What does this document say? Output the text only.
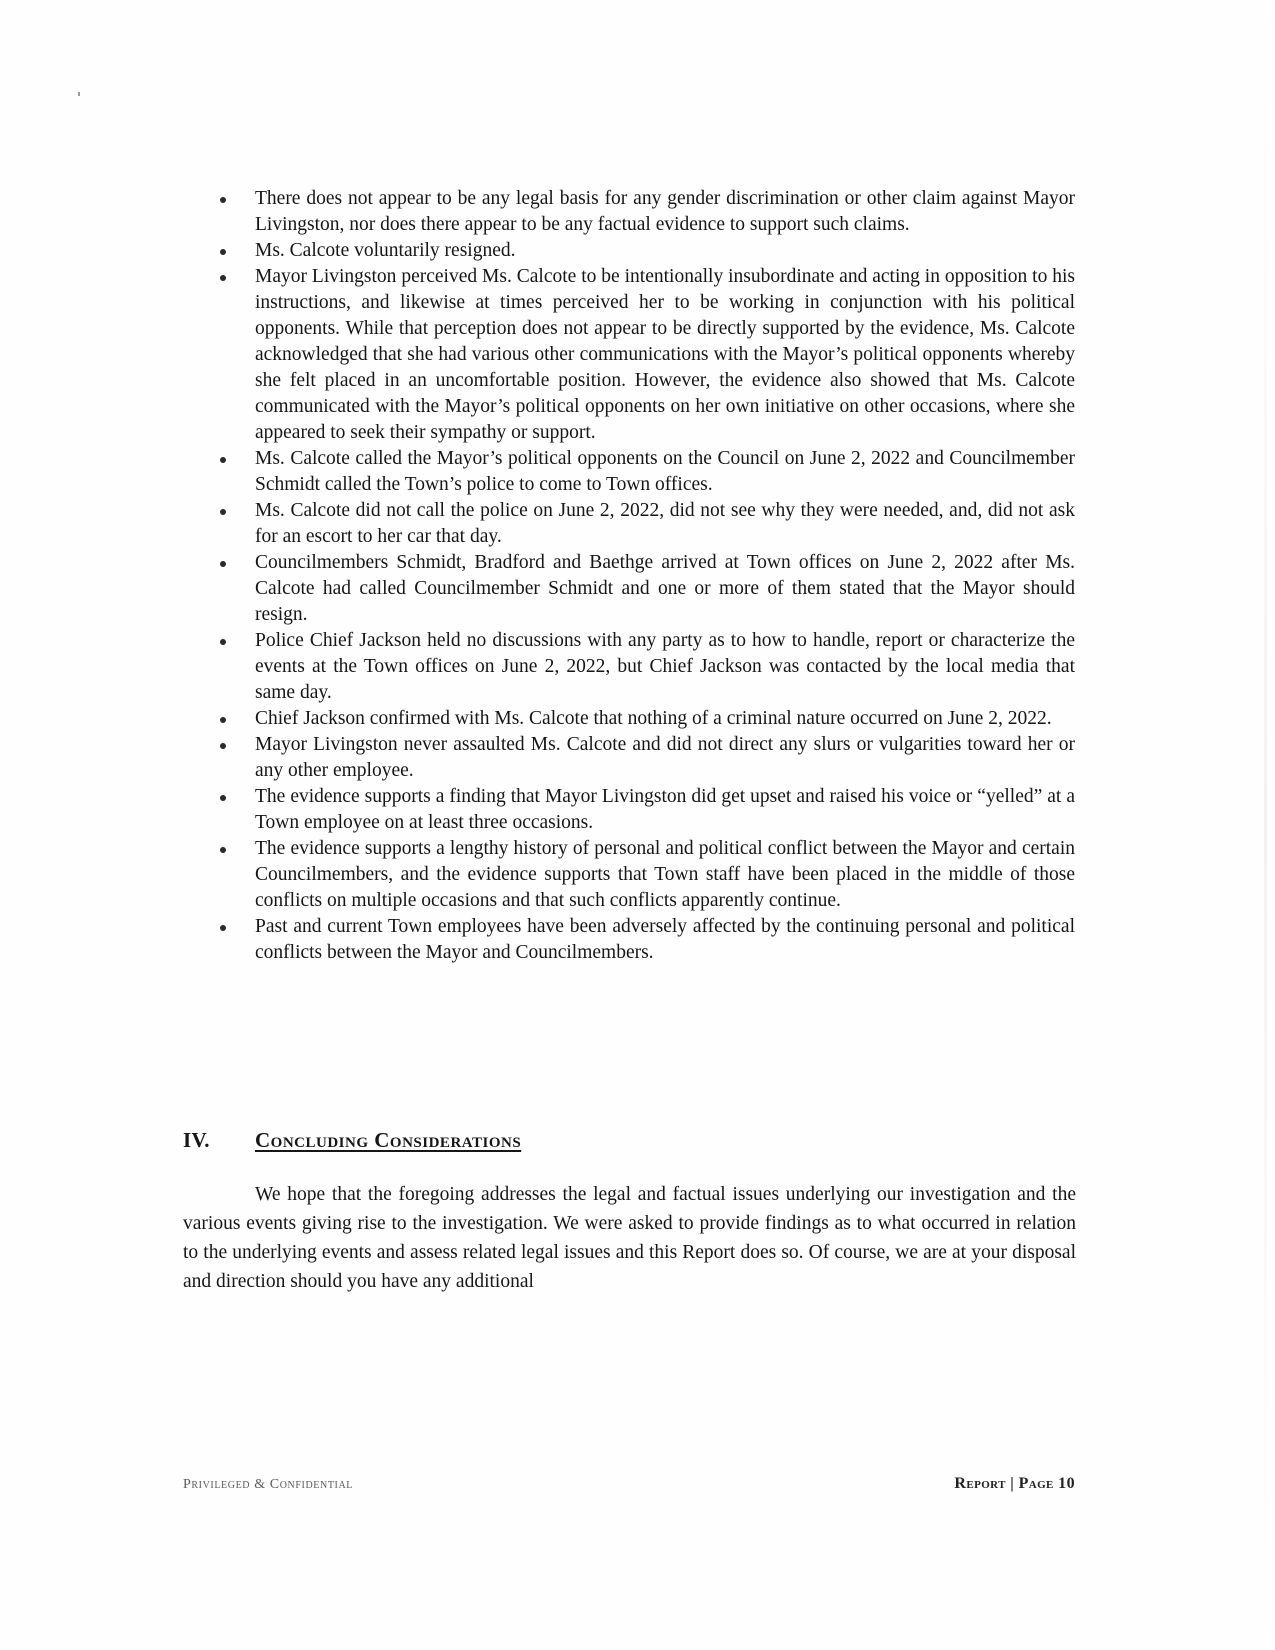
There does not appear to be any legal basis for any gender discrimination or other claim against Mayor Livingston, nor does there appear to be any factual evidence to support such claims.
Ms. Calcote voluntarily resigned.
Mayor Livingston perceived Ms. Calcote to be intentionally insubordinate and acting in opposition to his instructions, and likewise at times perceived her to be working in conjunction with his political opponents. While that perception does not appear to be directly supported by the evidence, Ms. Calcote acknowledged that she had various other communications with the Mayor’s political opponents whereby she felt placed in an uncomfortable position. However, the evidence also showed that Ms. Calcote communicated with the Mayor’s political opponents on her own initiative on other occasions, where she appeared to seek their sympathy or support.
Ms. Calcote called the Mayor’s political opponents on the Council on June 2, 2022 and Councilmember Schmidt called the Town’s police to come to Town offices.
Ms. Calcote did not call the police on June 2, 2022, did not see why they were needed, and, did not ask for an escort to her car that day.
Councilmembers Schmidt, Bradford and Baethge arrived at Town offices on June 2, 2022 after Ms. Calcote had called Councilmember Schmidt and one or more of them stated that the Mayor should resign.
Police Chief Jackson held no discussions with any party as to how to handle, report or characterize the events at the Town offices on June 2, 2022, but Chief Jackson was contacted by the local media that same day.
Chief Jackson confirmed with Ms. Calcote that nothing of a criminal nature occurred on June 2, 2022.
Mayor Livingston never assaulted Ms. Calcote and did not direct any slurs or vulgarities toward her or any other employee.
The evidence supports a finding that Mayor Livingston did get upset and raised his voice or “yelled” at a Town employee on at least three occasions.
The evidence supports a lengthy history of personal and political conflict between the Mayor and certain Councilmembers, and the evidence supports that Town staff have been placed in the middle of those conflicts on multiple occasions and that such conflicts apparently continue.
Past and current Town employees have been adversely affected by the continuing personal and political conflicts between the Mayor and Councilmembers.
IV. Concluding Considerations

We hope that the foregoing addresses the legal and factual issues underlying our investigation and the various events giving rise to the investigation. We were asked to provide findings as to what occurred in relation to the underlying events and assess related legal issues and this Report does so. Of course, we are at your disposal and direction should you have any additional

Privileged & Confidential	Report | Page 10
